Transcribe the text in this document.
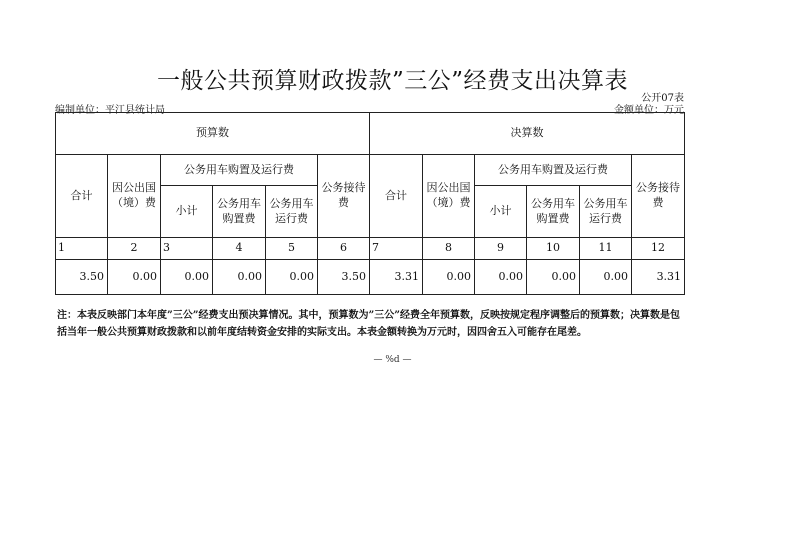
一般公共预算财政拨款”三公”经费支出决算表
公开07表
编制单位：平江县统计局	金额单位：万元
预算数						决算数					
合计	因公出国（境）费	公务用车购置及运行费			公务接待费	合计	因公出国（境）费	公务用车购置及运行费			公务接待费
		小计	公务用车购置费	公务用车运行费				小计	公务用车购置费	公务用车运行费	
1	2	3	4	5	6	7	8	9	10	11	12
3.50	0.00	0.00	0.00	0.00	3.50	3.31	0.00	0.00	0.00	0.00	3.31
注：本表反映部门本年度”三公”经费支出预决算情况。其中，预算数为”三公”经费全年预算数，反映按规定程序调整后的预算数；决算数是包括当年一般公共预算财政拨款和以前年度结转资金安排的实际支出。本表金额转换为万元时，因四舍五入可能存在尾差。
— %d —
